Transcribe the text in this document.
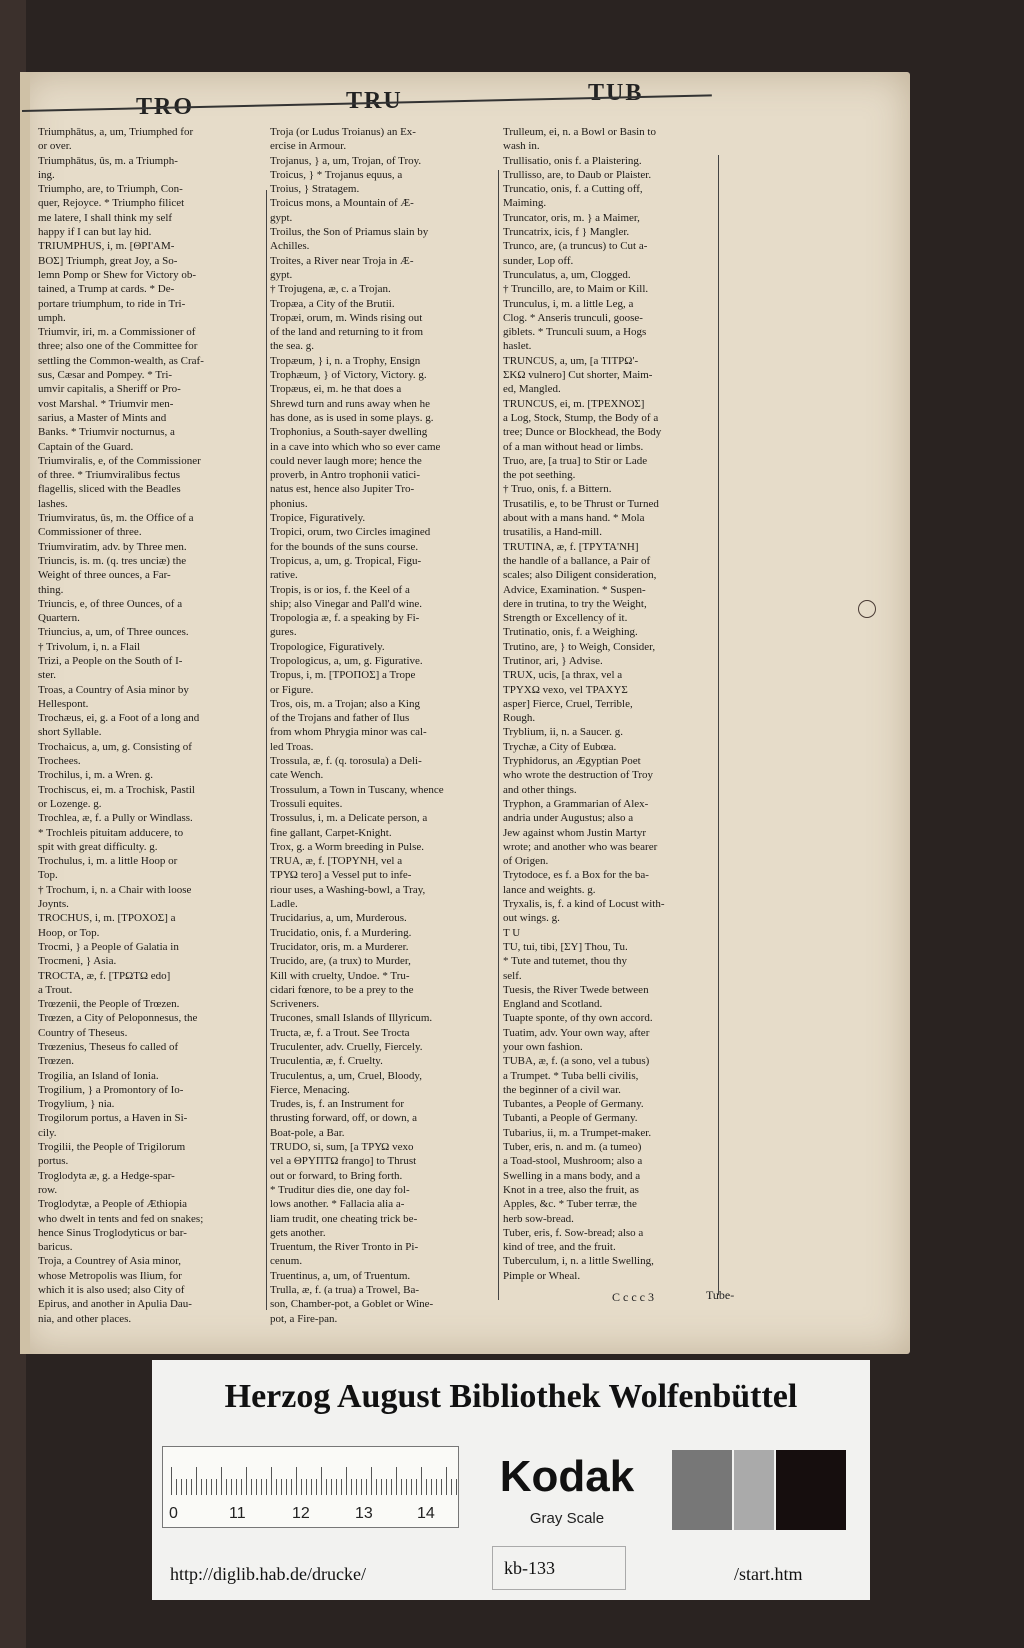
TRO	TRU	TUB
Triumphātus, a, um, Triumphed for
or over.
Triumphātus, ûs, m. a Triumph-
ing.
Triumpho, are, to Triumph, Con-
quer, Rejoyce. * Triumpho filicet
me latere, I shall think my self
happy if I can but lay hid.
TRIUMPHUS, i, m. [ΘΡΙ'ΑΜ-
ΒΟΣ] Triumph, great Joy, a So-
lemn Pomp or Shew for Victory ob-
tained, a Trump at cards. * De-
portare triumphum, to ride in Tri-
umph.
Triumvir, iri, m. a Commissioner of
three; also one of the Committee for
settling the Common-wealth, as Craf-
sus, Cæsar and Pompey. * Tri-
umvir capitalis, a Sheriff or Pro-
vost Marshal. * Triumvir men-
sarius, a Master of Mints and
Banks. * Triumvir nocturnus, a
Captain of the Guard.
Triumviralis, e, of the Commissioner
of three. * Triumviralibus fectus
flagellis, sliced with the Beadles
lashes.
Triumviratus, ûs, m. the Office of a
Commissioner of three.
Triumviratim, adv. by Three men.
Triuncis, is. m. (q. tres unciæ) the
Weight of three ounces, a Far-
thing.
Triuncis, e, of three Ounces, of a
Quartern.
Triuncius, a, um, of Three ounces.
† Trivolum, i, n. a Flail
Trizi, a People on the South of I-
ster.
Troas, a Country of Asia minor by
Hellespont.
Trochæus, ei, g. a Foot of a long and
short Syllable.
Trochaicus, a, um, g. Consisting of
Trochees.
Trochilus, i, m. a Wren. g.
Trochiscus, ei, m. a Trochisk, Pastil
or Lozenge. g.
Trochlea, æ, f. a Pully or Windlass.
* Trochleis pituitam adducere, to
spit with great difficulty. g.
Trochulus, i, m. a little Hoop or
Top.
† Trochum, i, n. a Chair with loose
Joynts.
TROCHUS, i, m. [ΤΡΟΧΟΣ] a
Hoop, or Top.
Trocmi, } a People of Galatia in
Trocmeni, } Asia.
TROCTA, æ, f. [ΤΡΩΤΩ edo]
a Trout.
Trœzenii, the People of Trœzen.
Trœzen, a City of Peloponnesus, the
Country of Theseus.
Trœzenius, Theseus fo called of
Trœzen.
Trogilia, an Island of Ionia.
Trogilium, } a Promontory of Io-
Trogylium, } nia.
Trogilorum portus, a Haven in Si-
cily.
Trogilii, the People of Trigilorum
portus.
Troglodyta æ, g. a Hedge-spar-
row.
Troglodytæ, a People of Æthiopia
who dwelt in tents and fed on snakes;
hence Sinus Troglodyticus or bar-
baricus.
Troja, a Countrey of Asia minor,
whose Metropolis was Ilium, for
which it is also used; also City of
Epirus, and another in Apulia Dau-
nia, and other places.
Troja (or Ludus Troianus) an Ex-
ercise in Armour.
Trojanus, } a, um, Trojan, of Troy.
Troicus, } * Trojanus equus, a
Troius, } Stratagem.
Troicus mons, a Mountain of Æ-
gypt.
Troilus, the Son of Priamus slain by
Achilles.
Troites, a River near Troja in Æ-
gypt.
† Trojugena, æ, c. a Trojan.
Tropæa, a City of the Brutii.
Tropæi, orum, m. Winds rising out
of the land and returning to it from
the sea. g.
Tropæum, } i, n. a Trophy, Ensign
Trophæum, } of Victory, Victory. g.
Tropæus, ei, m. he that does a
Shrewd turn and runs away when he
has done, as is used in some plays. g.
Trophonius, a South-sayer dwelling
in a cave into which who so ever came
could never laugh more; hence the
proverb, in Antro trophonii vatici-
natus est, hence also Jupiter Tro-
phonius.
Tropice, Figuratively.
Tropici, orum, two Circles imagined
for the bounds of the suns course.
Tropicus, a, um, g. Tropical, Figu-
rative.
Tropis, is or ios, f. the Keel of a
ship; also Vinegar and Pall'd wine.
Tropologia æ, f. a speaking by Fi-
gures.
Tropologice, Figuratively.
Tropologicus, a, um, g. Figurative.
Tropus, i, m. [ΤΡΟΠΟΣ] a Trope
or Figure.
Tros, ois, m. a Trojan; also a King
of the Trojans and father of Ilus
from whom Phrygia minor was cal-
led Troas.
Trossula, æ, f. (q. torosula) a Deli-
cate Wench.
Trossulum, a Town in Tuscany, whence
Trossuli equites.
Trossulus, i, m. a Delicate person, a
fine gallant, Carpet-Knight.
Trox, g. a Worm breeding in Pulse.
TRUA, æ, f. [ΤΟΡΥΝΗ, vel a
ΤΡΥΩ tero] a Vessel put to infe-
riour uses, a Washing-bowl, a Tray,
Ladle.
Trucidarius, a, um, Murderous.
Trucidatio, onis, f. a Murdering.
Trucidator, oris, m. a Murderer.
Trucido, are, (a trux) to Murder,
Kill with cruelty, Undoe. * Tru-
cidari fœnore, to be a prey to the
Scriveners.
Trucones, small Islands of Illyricum.
Tructa, æ, f. a Trout. See Trocta
Truculenter, adv. Cruelly, Fiercely.
Truculentia, æ, f. Cruelty.
Truculentus, a, um, Cruel, Bloody,
Fierce, Menacing.
Trudes, is, f. an Instrument for
thrusting forward, off, or down, a
Boat-pole, a Bar.
TRUDO, si, sum, [a ΤΡΥΩ vexo
vel a ΘΡΥΠΤΩ frango] to Thrust
out or forward, to Bring forth.
* Truditur dies die, one day fol-
lows another. * Fallacia alia a-
liam trudit, one cheating trick be-
gets another.
Truentum, the River Tronto in Pi-
cenum.
Truentinus, a, um, of Truentum.
Trulla, æ, f. (a trua) a Trowel, Ba-
son, Chamber-pot, a Goblet or Wine-
pot, a Fire-pan.
Trulleum, ei, n. a Bowl or Basin to
wash in.
Trullisatio, onis f. a Plaistering.
Trullisso, are, to Daub or Plaister.
Truncatio, onis, f. a Cutting off,
Maiming.
Truncator, oris, m. } a Maimer,
Truncatrix, icis, f } Mangler.
Trunco, are, (a truncus) to Cut a-
sunder, Lop off.
Trunculatus, a, um, Clogged.
† Truncillo, are, to Maim or Kill.
Trunculus, i, m. a little Leg, a
Clog. * Anseris trunculi, goose-
giblets. * Trunculi suum, a Hogs
haslet.
TRUNCUS, a, um, [a ΤΙΤΡΩ'-
ΣΚΩ vulnero] Cut shorter, Maim-
ed, Mangled.
TRUNCUS, ei, m. [ΤΡΕΧΝΟΣ]
a Log, Stock, Stump, the Body of a
tree; Dunce or Blockhead, the Body
of a man without head or limbs.
Truo, are, [a trua] to Stir or Lade
the pot seething.
† Truo, onis, f. a Bittern.
Trusatilis, e, to be Thrust or Turned
about with a mans hand. * Mola
trusatilis, a Hand-mill.
TRUTINA, æ, f. [ΤΡΥΤΑ'ΝΗ]
the handle of a ballance, a Pair of
scales; also Diligent consideration,
Advice, Examination. * Suspen-
dere in trutina, to try the Weight,
Strength or Excellency of it.
Trutinatio, onis, f. a Weighing.
Trutino, are, } to Weigh, Consider,
Trutinor, ari, } Advise.
TRUX, ucis, [a thrax, vel a
ΤΡΥΧΩ vexo, vel ΤΡΑΧΥΣ
asper] Fierce, Cruel, Terrible,
Rough.
Tryblium, ii, n. a Saucer. g.
Trychæ, a City of Eubœa.
Tryphidorus, an Ægyptian Poet
who wrote the destruction of Troy
and other things.
Tryphon, a Grammarian of Alex-
andria under Augustus; also a
Jew against whom Justin Martyr
wrote; and another who was bearer
of Origen.
Trytodoce, es f. a Box for the ba-
lance and weights. g.
Tryxalis, is, f. a kind of Locust with-
out wings. g.
T U
TU, tui, tibi, [ΣΥ] Thou, Tu.
* Tute and tutemet, thou thy
self.
Tuesis, the River Twede between
England and Scotland.
Tuapte sponte, of thy own accord.
Tuatim, adv. Your own way, after
your own fashion.
TUBA, æ, f. (a sono, vel a tubus)
a Trumpet. * Tuba belli civilis,
the beginner of a civil war.
Tubantes, a People of Germany.
Tubanti, a People of Germany.
Tubarius, ii, m. a Trumpet-maker.
Tuber, eris, n. and m. (a tumeo)
a Toad-stool, Mushroom; also a
Swelling in a mans body, and a
Knot in a tree, also the fruit, as
Apples, &c. * Tuber terræ, the
herb sow-bread.
Tuber, eris, f. Sow-bread; also a
kind of tree, and the fruit.
Tuberculum, i, n. a little Swelling,
Pimple or Wheal.
C c c c 3	Tube-
Herzog August Bibliothek Wolfenbüttel
0	11	12	13	14
Kodak
Gray Scale
http://diglib.hab.de/drucke/	kb-133	/start.htm
